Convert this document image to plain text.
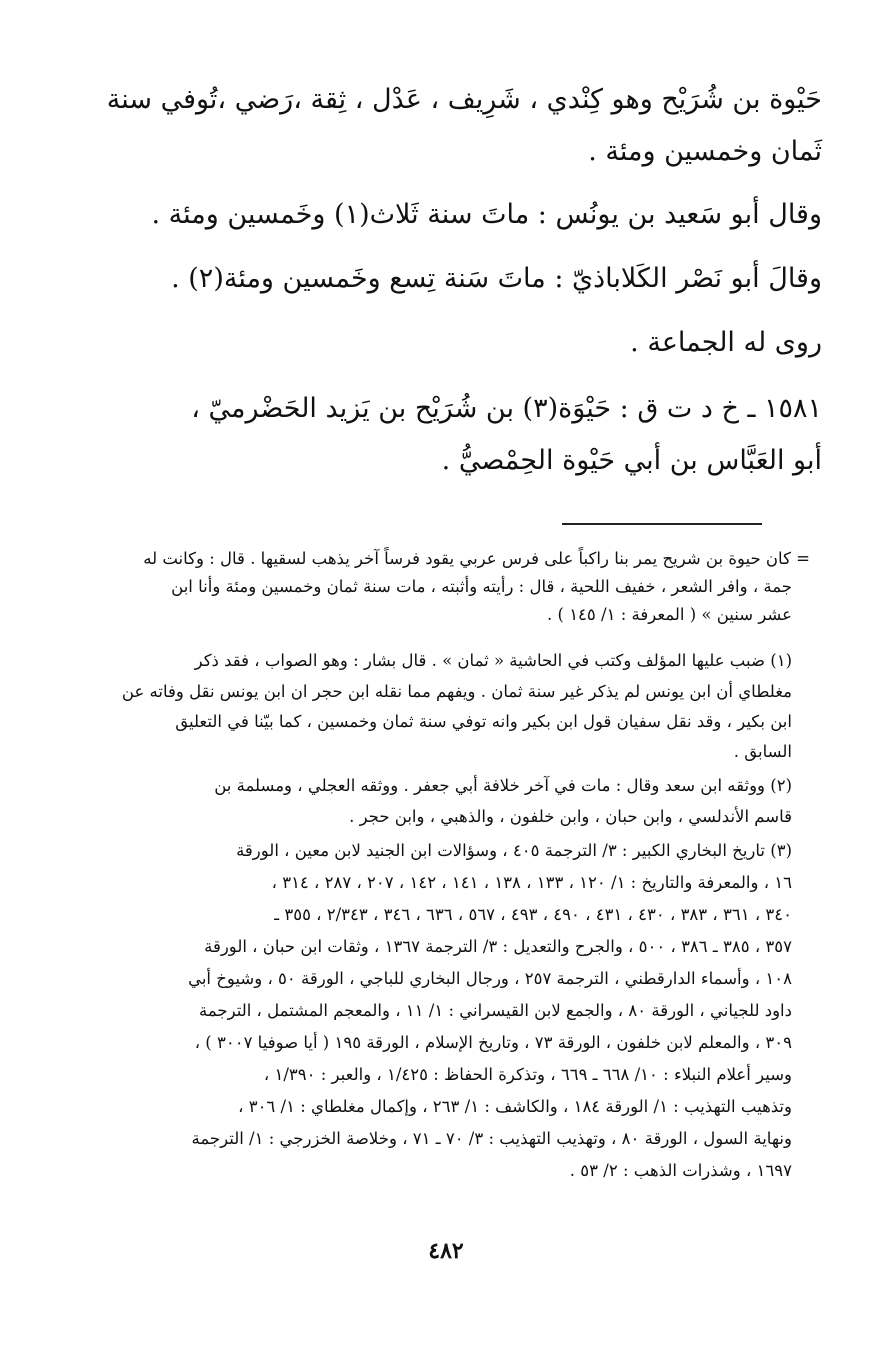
حَيْوة بن شُرَيْح وهو كِنْدي ، شَرِيف ، عَدْل ، ثِقة ،رَضي ،تُوفي سنة
ثَمان وخمسين ومئة .
وقال أبو سَعيد بن يونُس : ماتَ سنة ثَلاث(١) وخَمسين ومئة .
وقالَ أبو نَصْر الكَلاباذيّ : ماتَ سَنة تِسع وخَمسين ومئة(٢) .
روى له الجماعة .
١٥٨١ ـ خ د ت ق : حَيْوَة(٣) بن شُرَيْح بن يَزيد الحَضْرميّ ،
أبو العَبَّاس بن أبي حَيْوة الحِمْصيُّ .
= كان حيوة بن شريح يمر بنا راكباً على فرس عربي يقود فرساً آخر يذهب لسقيها . قال : وكانت له
جمة ، وافر الشعر ، خفيف اللحية ، قال : رأيته وأثبته ، مات سنة ثمان وخمسين ومئة وأنا ابن
عشر سنين » ( المعرفة : ١/ ١٤٥ ) .
(١) ضبب عليها المؤلف وكتب في الحاشية « ثمان » . قال بشار : وهو الصواب ، فقد ذكر
مغلطاي أن ابن يونس لم يذكر غير سنة ثمان . ويفهم مما نقله ابن حجر ان ابن يونس نقل وفاته عن
ابن بكير ، وقد نقل سفيان قول ابن بكير وانه توفي سنة ثمان وخمسين ، كما بيّنا في التعليق
السابق .
(٢) ووثقه ابن سعد وقال : مات في آخر خلافة أبي جعفر . ووثقه العجلي ، ومسلمة بن
قاسم الأندلسي ، وابن حبان ، وابن خلفون ، والذهبي ، وابن حجر .
(٣) تاريخ البخاري الكبير : ٣/ الترجمة ٤٠٥ ، وسؤالات ابن الجنيد لابن معين ، الورقة
١٦ ، والمعرفة والتاريخ : ١/ ١٢٠ ، ١٣٣ ، ١٣٨ ، ١٤١ ، ١٤٢ ، ٢٠٧ ، ٢٨٧ ، ٣١٤ ،
٣٤٠ ، ٣٦١ ، ٣٨٣ ، ٤٣٠ ، ٤٣١ ، ٤٩٠ ، ٤٩٣ ، ٥٦٧ ، ٦٣٦ ، ٣٤٦ ، ٢/٣٤٣ ، ٣٥٥ ـ
٣٥٧ ، ٣٨٥ ـ ٣٨٦ ، ٥٠٠ ، والجرح والتعديل : ٣/ الترجمة ١٣٦٧ ، وثقات ابن حبان ، الورقة
١٠٨ ، وأسماء الدارقطني ، الترجمة ٢٥٧ ، ورجال البخاري للباجي ، الورقة ٥٠ ، وشيوخ أبي
داود للجياني ، الورقة ٨٠ ، والجمع لابن القيسراني : ١/ ١١ ، والمعجم المشتمل ، الترجمة
٣٠٩ ، والمعلم لابن خلفون ، الورقة ٧٣ ، وتاريخ الإسلام ، الورقة ١٩٥ ( أيا صوفيا ٣٠٠٧ ) ،
وسير أعلام النبلاء : ١٠/ ٦٦٨ ـ ٦٦٩ ، وتذكرة الحفاظ : ١/٤٢٥ ، والعبر : ١/٣٩٠ ،
وتذهيب التهذيب : ١/ الورقة ١٨٤ ، والكاشف : ١/ ٢٦٣ ، وإكمال مغلطاي : ١/ ٣٠٦ ،
ونهاية السول ، الورقة ٨٠ ، وتهذيب التهذيب : ٣/ ٧٠ ـ ٧١ ، وخلاصة الخزرجي : ١/ الترجمة
١٦٩٧ ، وشذرات الذهب : ٢/ ٥٣ .
٤٨٢
